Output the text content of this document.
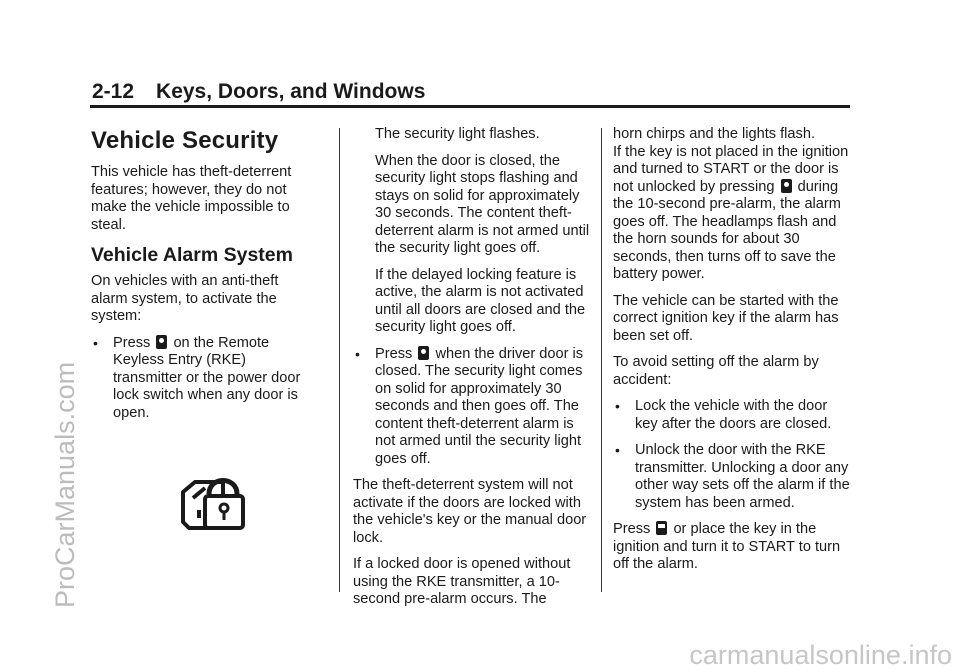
2-12 Keys, Doors, and Windows
Vehicle Security

This vehicle has theft-deterrent features; however, they do not make the vehicle impossible to steal.

Vehicle Alarm System

On vehicles with an anti-theft alarm system, to activate the system:

• Press on the Remote Keyless Entry (RKE) transmitter or the power door lock switch when any door is open.

The security light flashes.

When the door is closed, the security light stops flashing and stays on solid for approximately 30 seconds. The content theft-deterrent alarm is not armed until the security light goes off.

If the delayed locking feature is active, the alarm is not activated until all doors are closed and the security light goes off.

• Press when the driver door is closed. The security light comes on solid for approximately 30 seconds and then goes off. The content theft-deterrent alarm is not armed until the security light goes off.

The theft-deterrent system will not activate if the doors are locked with the vehicle's key or the manual door lock.

If a locked door is opened without using the RKE transmitter, a 10-second pre-alarm occurs. The

horn chirps and the lights flash.

If the key is not placed in the ignition and turned to START or the door is not unlocked by pressing during the 10-second pre-alarm, the alarm goes off. The headlamps flash and the horn sounds for about 30 seconds, then turns off to save the battery power.

The vehicle can be started with the correct ignition key if the alarm has been set off.

To avoid setting off the alarm by accident:

• Lock the vehicle with the door key after the doors are closed.
• Unlock the door with the RKE transmitter. Unlocking a door any other way sets off the alarm if the system has been armed.

Press or place the key in the ignition and turn it to START to turn off the alarm.

ProCarManuals.com
carmanualsonline.info
